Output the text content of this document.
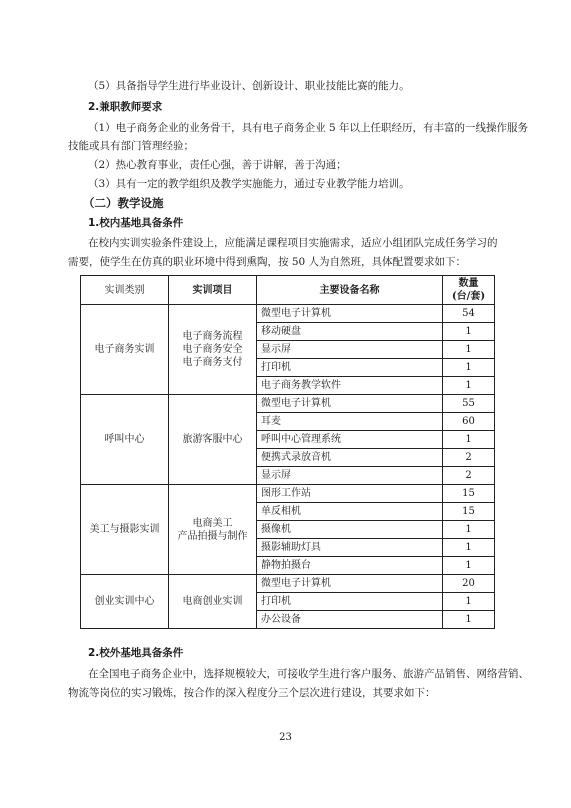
（5）具备指导学生进行毕业设计、创新设计、职业技能比赛的能力。
2.兼职教师要求
（1）电子商务企业的业务骨干，具有电子商务企业 5 年以上任职经历，有丰富的一线操作服务
技能或具有部门管理经验；
（2）热心教育事业，责任心强，善于讲解，善于沟通；
（3）具有一定的教学组织及教学实施能力，通过专业教学能力培训。
（二）教学设施
1.校内基地具备条件
在校内实训实验条件建设上，应能满足课程项目实施需求，适应小组团队完成任务学习的
需要，使学生在仿真的职业环境中得到熏陶，按 50 人为自然班，具体配置要求如下：
实训类别	实训项目	主要设备名称	数量
(台/套)

电子商务实训	电子商务流程
电子商务安全
电子商务支付	微型电子计算机	54
		移动硬盘	1
		显示屏	1
		打印机	1
		电子商务教学软件	1
呼叫中心	旅游客服中心	微型电子计算机	55
		耳麦	60
		呼叫中心管理系统	1
		便携式录放音机	2
		显示屏	2
美工与摄影实训	电商美工
产品拍摄与制作	图形工作站	15
		单反相机	15
		摄像机	1
		摄影辅助灯具	1
		静物拍摄台	1
创业实训中心	电商创业实训	微型电子计算机	20
		打印机	1
		办公设备	1
2.校外基地具备条件
在全国电子商务企业中，选择规模较大，可接收学生进行客户服务、旅游产品销售、网络营销、
物流等岗位的实习锻炼，按合作的深入程度分三个层次进行建设，其要求如下：
23
